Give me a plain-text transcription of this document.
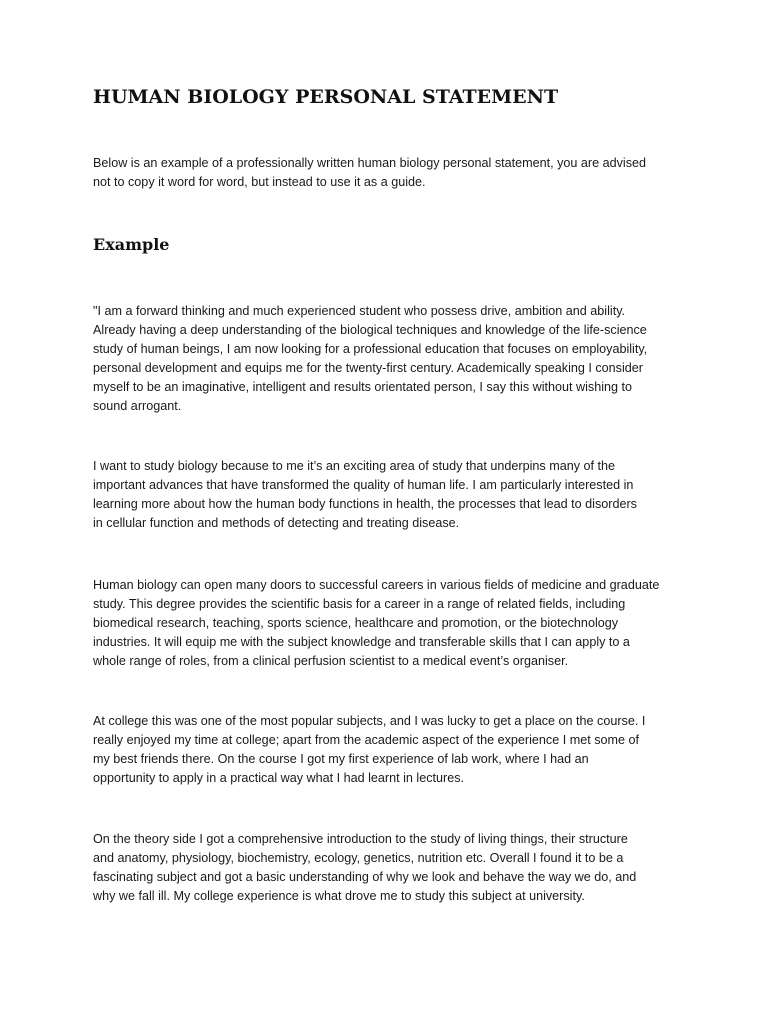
HUMAN BIOLOGY PERSONAL STATEMENT

Below is an example of a professionally written human biology personal statement, you are advised
not to copy it word for word, but instead to use it as a guide.

Example

"I am a forward thinking and much experienced student who possess drive, ambition and ability.
Already having a deep understanding of the biological techniques and knowledge of the life-science
study of human beings, I am now looking for a professional education that focuses on employability,
personal development and equips me for the twenty-first century. Academically speaking I consider
myself to be an imaginative, intelligent and results orientated person, I say this without wishing to
sound arrogant.

I want to study biology because to me it’s an exciting area of study that underpins many of the
important advances that have transformed the quality of human life. I am particularly interested in
learning more about how the human body functions in health, the processes that lead to disorders
in cellular function and methods of detecting and treating disease.

Human biology can open many doors to successful careers in various fields of medicine and graduate
study. This degree provides the scientific basis for a career in a range of related fields, including
biomedical research, teaching, sports science, healthcare and promotion, or the biotechnology
industries. It will equip me with the subject knowledge and transferable skills that I can apply to a
whole range of roles, from a clinical perfusion scientist to a medical event’s organiser.

At college this was one of the most popular subjects, and I was lucky to get a place on the course. I
really enjoyed my time at college; apart from the academic aspect of the experience I met some of
my best friends there. On the course I got my first experience of lab work, where I had an
opportunity to apply in a practical way what I had learnt in lectures.

On the theory side I got a comprehensive introduction to the study of living things, their structure
and anatomy, physiology, biochemistry, ecology, genetics, nutrition etc. Overall I found it to be a
fascinating subject and got a basic understanding of why we look and behave the way we do, and
why we fall ill. My college experience is what drove me to study this subject at university.
